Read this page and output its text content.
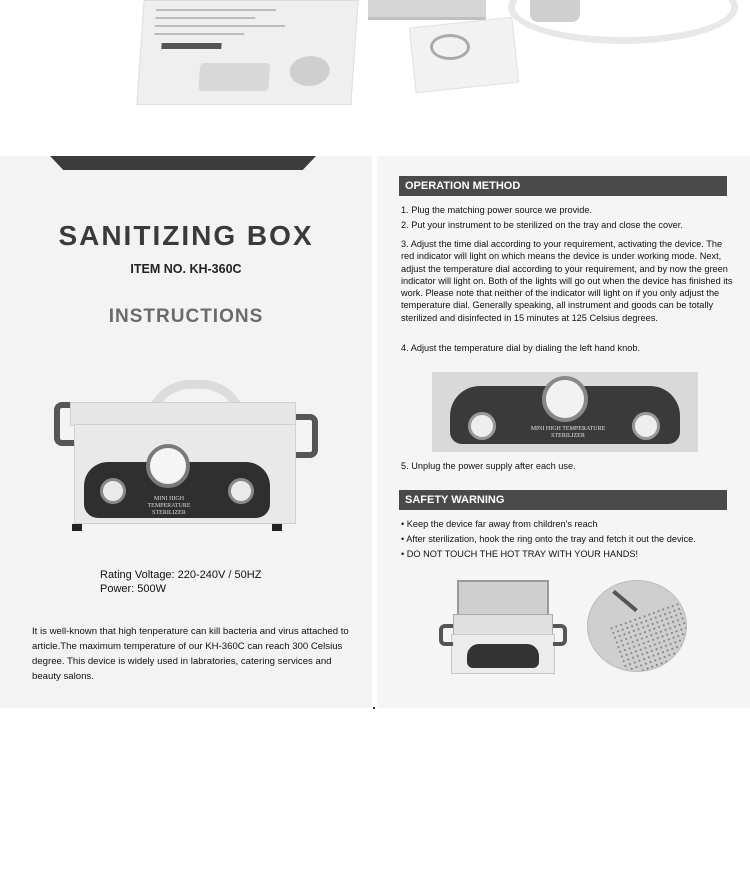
SANITIZING BOX
ITEM NO. KH-360C
INSTRUCTIONS
MINI HIGH TEMPERATURE STERILIZER
Rating Voltage: 220-240V / 50HZ
Power: 500W
It is well-known that high tenperature can kill bacteria and virus attached to article.The maximum temperature of our KH-360C can reach 300 Celsius degree. This device is widely used in labratories, catering services and beauty salons.
OPERATION METHOD
1. Plug the matching power source we provide.
2. Put your instrument to be sterilized on the tray and close the cover.
3. Adjust the time dial according to your requirement, activating the device. The red indicator will light on which means the device is under working mode. Next, adjust the temperature dial according to your requirement, and by now the green indicator will light on. Both of the lights will go out when the device has finished its work. Please note that neither of the indicator will light on if you only adjust the temperature dial. Generally speaking, all instrument and goods can be totally sterilized and disinfected in 15 minutes at 125 Celsius degrees.
4. Adjust the temperature dial by dialing the left hand knob.
MINI HIGH TEMPERATURE STERILIZER
5. Unplug the power supply after each use.
SAFETY WARNING
• Keep the device far away from children's reach
• After sterilization, hook the ring onto the tray and fetch it out the device.
• DO NOT TOUCH THE HOT TRAY WITH YOUR HANDS!
